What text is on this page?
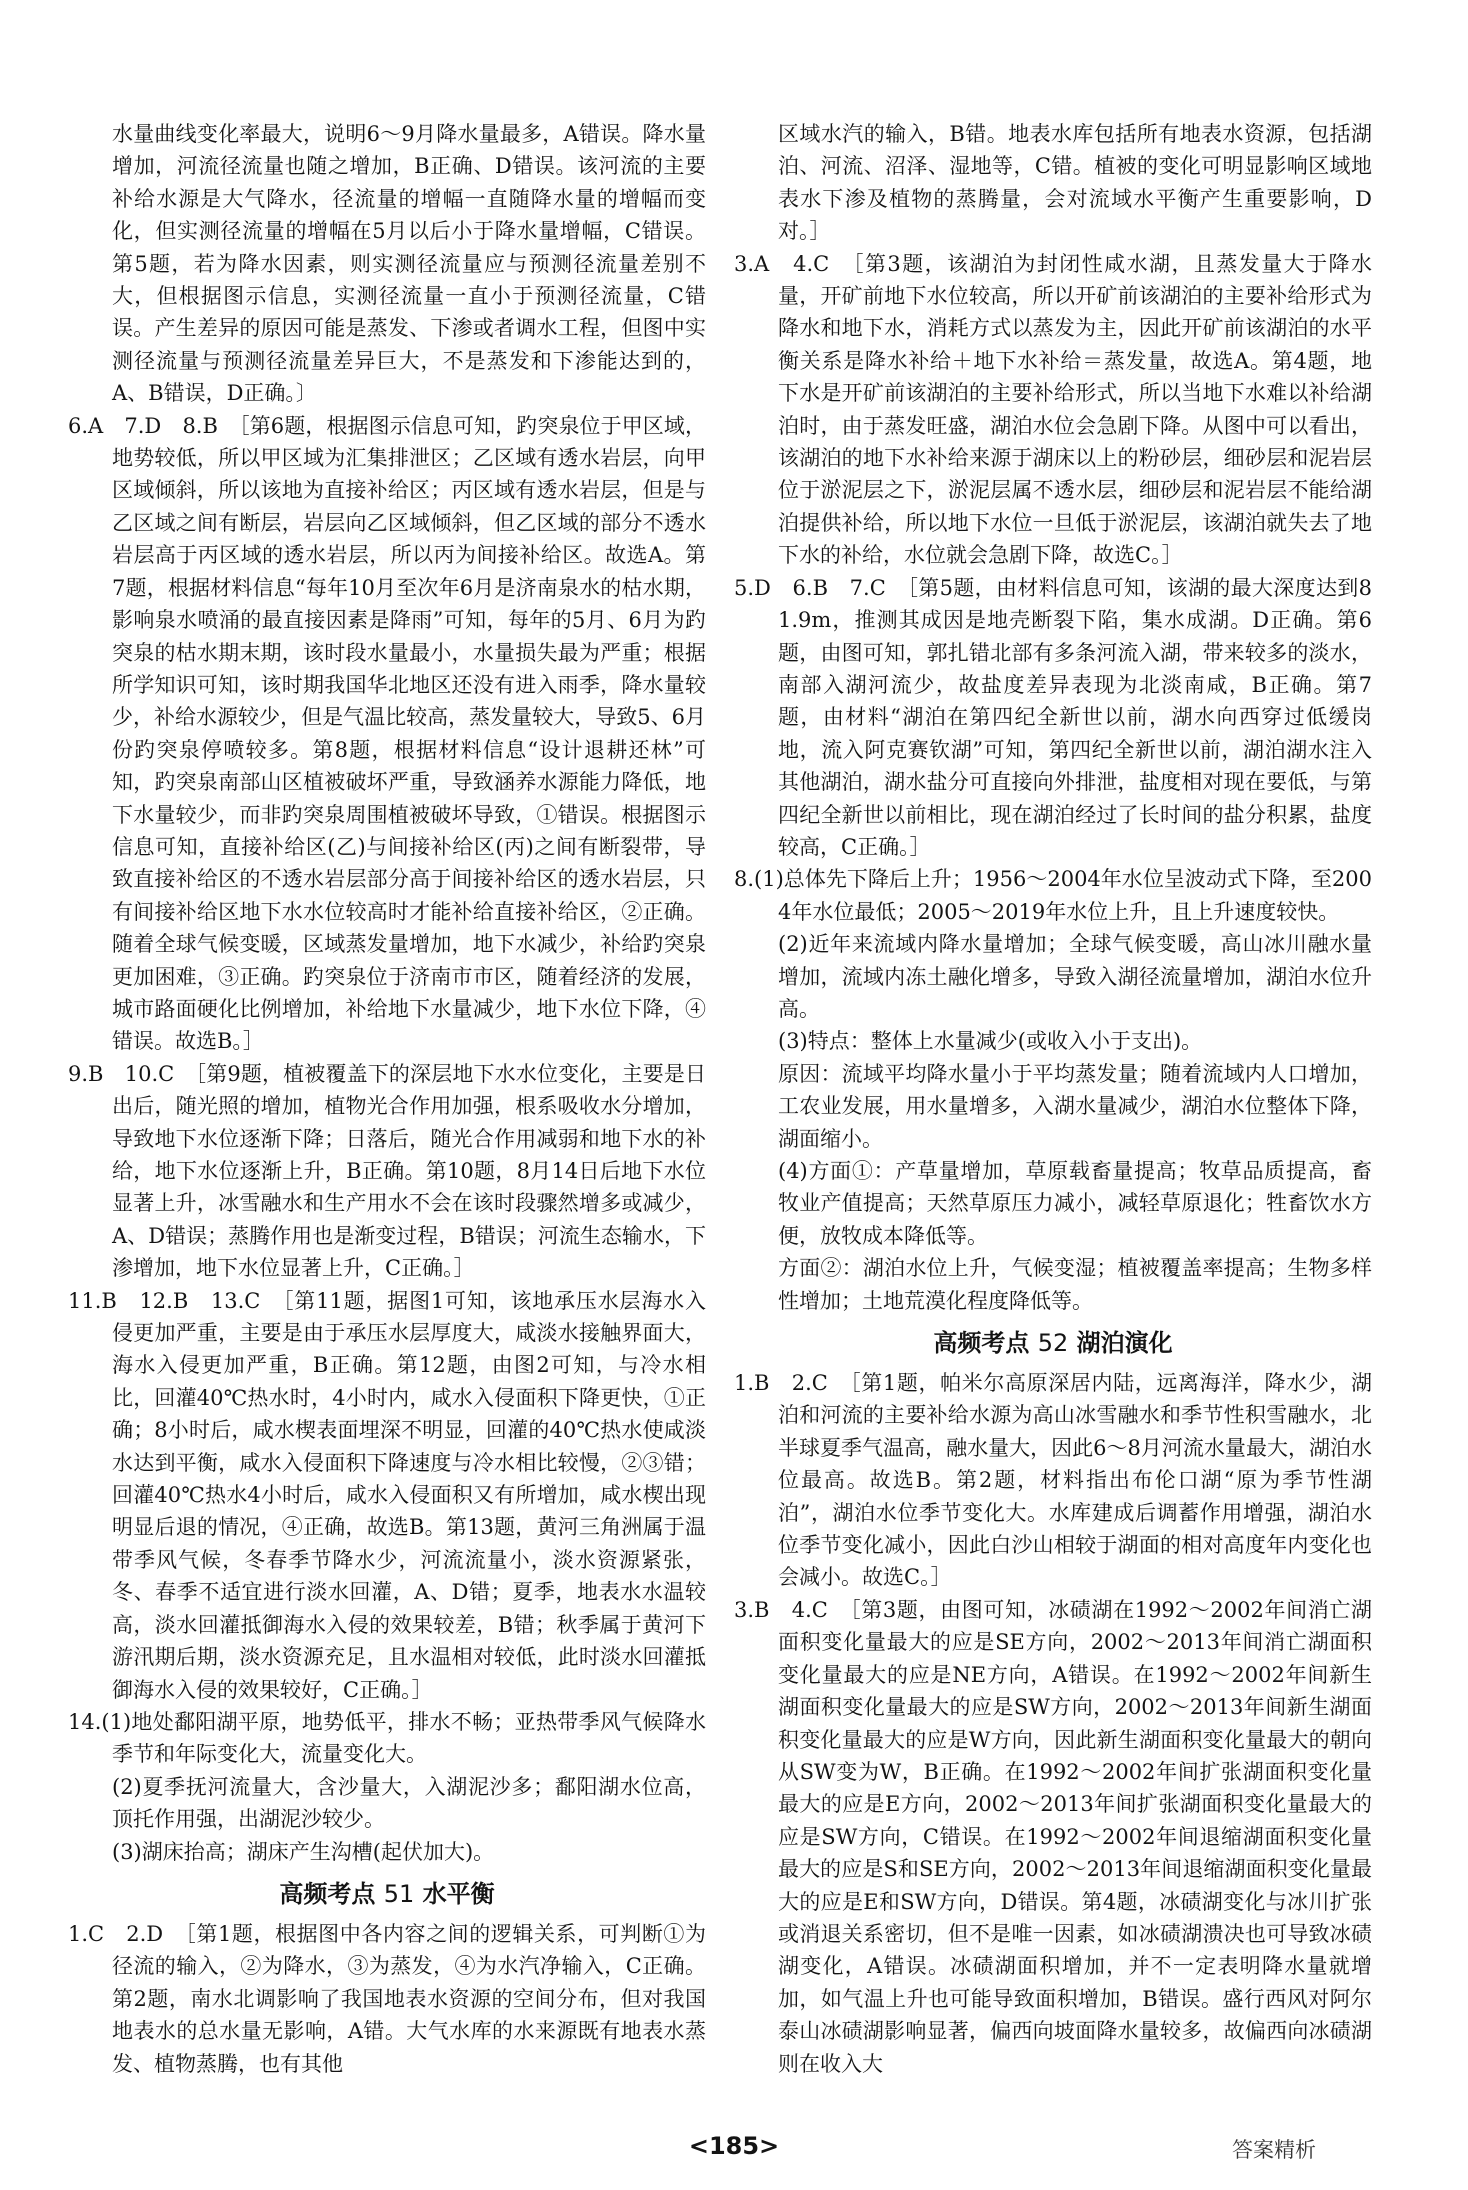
水量曲线变化率最大，说明6～9月降水量最多，A错误。降水量增加，河流径流量也随之增加，B正确、D错误。该河流的主要补给水源是大气降水，径流量的增幅一直随降水量的增幅而变化，但实测径流量的增幅在5月以后小于降水量增幅，C错误。第5题，若为降水因素，则实测径流量应与预测径流量差别不大，但根据图示信息，实测径流量一直小于预测径流量，C错误。产生差异的原因可能是蒸发、下渗或者调水工程，但图中实测径流量与预测径流量差异巨大，不是蒸发和下渗能达到的，A、B错误，D正确。〕

6.A　7.D　8.B　［第6题，根据图示信息可知，趵突泉位于甲区域，地势较低，所以甲区域为汇集排泄区；乙区域有透水岩层，向甲区域倾斜，所以该地为直接补给区；丙区域有透水岩层，但是与乙区域之间有断层，岩层向乙区域倾斜，但乙区域的部分不透水岩层高于丙区域的透水岩层，所以丙为间接补给区。故选A。第7题，根据材料信息“每年10月至次年6月是济南泉水的枯水期，影响泉水喷涌的最直接因素是降雨”可知，每年的5月、6月为趵突泉的枯水期末期，该时段水量最小，水量损失最为严重；根据所学知识可知，该时期我国华北地区还没有进入雨季，降水量较少，补给水源较少，但是气温比较高，蒸发量较大，导致5、6月份趵突泉停喷较多。第8题，根据材料信息“设计退耕还林”可知，趵突泉南部山区植被破坏严重，导致涵养水源能力降低，地下水量较少，而非趵突泉周围植被破坏导致，①错误。根据图示信息可知，直接补给区(乙)与间接补给区(丙)之间有断裂带，导致直接补给区的不透水岩层部分高于间接补给区的透水岩层，只有间接补给区地下水水位较高时才能补给直接补给区，②正确。随着全球气候变暖，区域蒸发量增加，地下水减少，补给趵突泉更加困难，③正确。趵突泉位于济南市市区，随着经济的发展，城市路面硬化比例增加，补给地下水量减少，地下水位下降，④错误。故选B。］

9.B　10.C　［第9题，植被覆盖下的深层地下水水位变化，主要是日出后，随光照的增加，植物光合作用加强，根系吸收水分增加，导致地下水位逐渐下降；日落后，随光合作用减弱和地下水的补给，地下水位逐渐上升，B正确。第10题，8月14日后地下水位显著上升，冰雪融水和生产用水不会在该时段骤然增多或减少，A、D错误；蒸腾作用也是渐变过程，B错误；河流生态输水，下渗增加，地下水位显著上升，C正确。］

11.B　12.B　13.C　［第11题，据图1可知，该地承压水层海水入侵更加严重，主要是由于承压水层厚度大，咸淡水接触界面大，海水入侵更加严重，B正确。第12题，由图2可知，与冷水相比，回灌40℃热水时，4小时内，咸水入侵面积下降更快，①正确；8小时后，咸水楔表面埋深不明显，回灌的40℃热水使咸淡水达到平衡，咸水入侵面积下降速度与冷水相比较慢，②③错；回灌40℃热水4小时后，咸水入侵面积又有所增加，咸水楔出现明显后退的情况，④正确，故选B。第13题，黄河三角洲属于温带季风气候，冬春季节降水少，河流流量小，淡水资源紧张，冬、春季不适宜进行淡水回灌，A、D错；夏季，地表水水温较高，淡水回灌抵御海水入侵的效果较差，B错；秋季属于黄河下游汛期后期，淡水资源充足，且水温相对较低，此时淡水回灌抵御海水入侵的效果较好，C正确。］

14.(1)地处鄱阳湖平原，地势低平，排水不畅；亚热带季风气候降水季节和年际变化大，流量变化大。

(2)夏季抚河流量大，含沙量大，入湖泥沙多；鄱阳湖水位高，顶托作用强，出湖泥沙较少。

(3)湖床抬高；湖床产生沟槽(起伏加大)。

高频考点 51 水平衡

1.C　2.D　［第1题，根据图中各内容之间的逻辑关系，可判断①为径流的输入，②为降水，③为蒸发，④为水汽净输入，C正确。第2题，南水北调影响了我国地表水资源的空间分布，但对我国地表水的总水量无影响，A错。大气水库的水来源既有地表水蒸发、植物蒸腾，也有其他

区域水汽的输入，B错。地表水库包括所有地表水资源，包括湖泊、河流、沼泽、湿地等，C错。植被的变化可明显影响区域地表水下渗及植物的蒸腾量，会对流域水平衡产生重要影响，D对。］

3.A　4.C　［第3题，该湖泊为封闭性咸水湖，且蒸发量大于降水量，开矿前地下水位较高，所以开矿前该湖泊的主要补给形式为降水和地下水，消耗方式以蒸发为主，因此开矿前该湖泊的水平衡关系是降水补给＋地下水补给＝蒸发量，故选A。第4题，地下水是开矿前该湖泊的主要补给形式，所以当地下水难以补给湖泊时，由于蒸发旺盛，湖泊水位会急剧下降。从图中可以看出，该湖泊的地下水补给来源于湖床以上的粉砂层，细砂层和泥岩层位于淤泥层之下，淤泥层属不透水层，细砂层和泥岩层不能给湖泊提供补给，所以地下水位一旦低于淤泥层，该湖泊就失去了地下水的补给，水位就会急剧下降，故选C。］

5.D　6.B　7.C　［第5题，由材料信息可知，该湖的最大深度达到81.9m，推测其成因是地壳断裂下陷，集水成湖。D正确。第6题，由图可知，郭扎错北部有多条河流入湖，带来较多的淡水，南部入湖河流少，故盐度差异表现为北淡南咸，B正确。第7题，由材料“湖泊在第四纪全新世以前，湖水向西穿过低缓岗地，流入阿克赛钦湖”可知，第四纪全新世以前，湖泊湖水注入其他湖泊，湖水盐分可直接向外排泄，盐度相对现在要低，与第四纪全新世以前相比，现在湖泊经过了长时间的盐分积累，盐度较高，C正确。］

8.(1)总体先下降后上升；1956～2004年水位呈波动式下降，至2004年水位最低；2005～2019年水位上升，且上升速度较快。

(2)近年来流域内降水量增加；全球气候变暖，高山冰川融水量增加，流域内冻土融化增多，导致入湖径流量增加，湖泊水位升高。

(3)特点：整体上水量减少(或收入小于支出)。

原因：流域平均降水量小于平均蒸发量；随着流域内人口增加，工农业发展，用水量增多，入湖水量减少，湖泊水位整体下降，湖面缩小。

(4)方面①：产草量增加，草原载畜量提高；牧草品质提高，畜牧业产值提高；天然草原压力减小，减轻草原退化；牲畜饮水方便，放牧成本降低等。

方面②：湖泊水位上升，气候变湿；植被覆盖率提高；生物多样性增加；土地荒漠化程度降低等。

高频考点 52 湖泊演化

1.B　2.C　［第1题，帕米尔高原深居内陆，远离海洋，降水少，湖泊和河流的主要补给水源为高山冰雪融水和季节性积雪融水，北半球夏季气温高，融水量大，因此6～8月河流水量最大，湖泊水位最高。故选B。第2题，材料指出布伦口湖“原为季节性湖泊”，湖泊水位季节变化大。水库建成后调蓄作用增强，湖泊水位季节变化减小，因此白沙山相较于湖面的相对高度年内变化也会减小。故选C。］

3.B　4.C　［第3题，由图可知，冰碛湖在1992～2002年间消亡湖面积变化量最大的应是SE方向，2002～2013年间消亡湖面积变化量最大的应是NE方向，A错误。在1992～2002年间新生湖面积变化量最大的应是SW方向，2002～2013年间新生湖面积变化量最大的应是W方向，因此新生湖面积变化量最大的朝向从SW变为W，B正确。在1992～2002年间扩张湖面积变化量最大的应是E方向，2002～2013年间扩张湖面积变化量最大的应是SW方向，C错误。在1992～2002年间退缩湖面积变化量最大的应是S和SE方向，2002～2013年间退缩湖面积变化量最大的应是E和SW方向，D错误。第4题，冰碛湖变化与冰川扩张或消退关系密切，但不是唯一因素，如冰碛湖溃决也可导致冰碛湖变化，A错误。冰碛湖面积增加，并不一定表明降水量就增加，如气温上升也可能导致面积增加，B错误。盛行西风对阿尔泰山冰碛湖影响显著，偏西向坡面降水量较多，故偏西向冰碛湖则在收入大

<185>	答案精析
